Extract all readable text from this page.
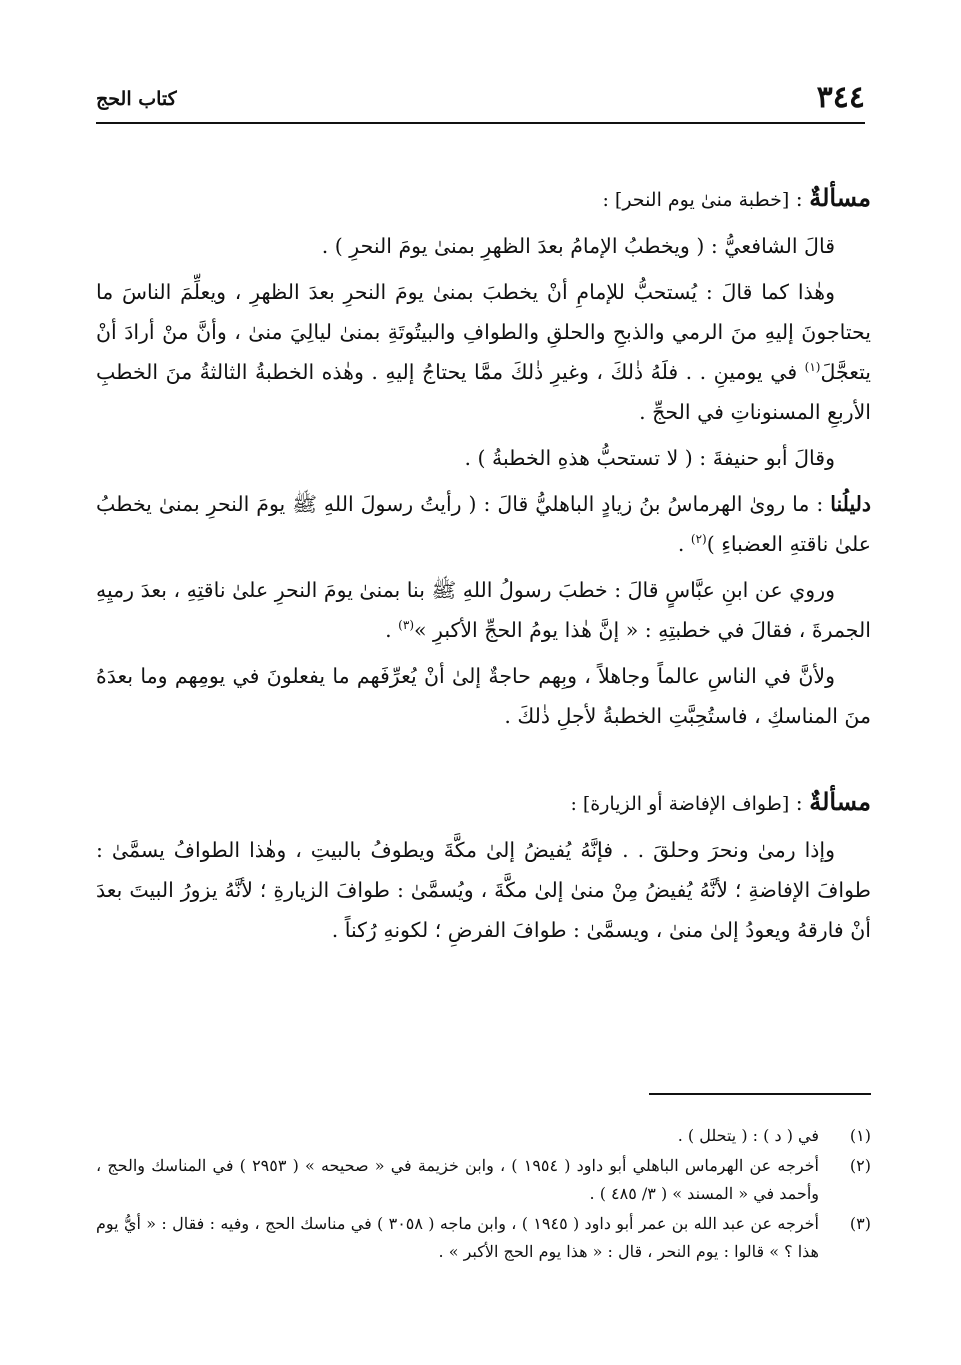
٣٤٤
كتاب الحج

مسألةٌ : [خطبة منىٰ يوم النحر] :

قالَ الشافعيُّ : ( ويخطبُ الإمامُ بعدَ الظهرِ بمنىٰ يومَ النحرِ ) .

وهٰذا كما قالَ : يُستحبُّ للإمامِ أنْ يخطبَ بمنىٰ يومَ النحرِ بعدَ الظهرِ ، ويعلِّمَ الناسَ ما يحتاجونَ إليهِ منَ الرمي والذبحِ والحلقِ والطوافِ والبيتُوتَةِ بمنىٰ ليالِيَ منىٰ ، وأنَّ منْ أرادَ أنْ يتعجَّلَ$^{(١)}$ في يومينِ . . فلَهُ ذٰلكَ ، وغيرِ ذٰلكَ ممَّا يحتاجُ إليهِ . وهٰذه الخطبةُ الثالثةُ منَ الخطبِ الأربعِ المسنوناتِ في الحجِّ .

وقالَ أبو حنيفةَ : ( لا تستحبُّ هذهِ الخطبةُ ) .

دليلُنا : ما روىٰ الهرماسُ بنُ زيادٍ الباهليُّ قالَ : ( رأيتُ رسولَ اللهِ ﷺ يومَ النحرِ بمنىٰ يخطبُ علىٰ ناقتهِ العضباءِ )$^{(٢)}$ .

وروي عن ابنِ عبَّاسٍ قالَ : خطبَ رسولُ اللهِ ﷺ بنا بمنىٰ يومَ النحرِ علىٰ ناقتِهِ ، بعدَ رميِهِ الجمرةَ ، فقالَ في خطبتِهِ : « إنَّ هٰذا يومُ الحجِّ الأكبرِ »$^{(٣)}$ .

ولأنَّ في الناسِ عالماً وجاهلاً ، وبِهم حاجةٌ إلىٰ أنْ يُعرِّفَهم ما يفعلونَ في يومِهم وما بعدَهُ منَ المناسكِ ، فاستُحِبَّتِ الخطبةُ لأجلِ ذٰلكَ .

مسألةٌ : [طواف الإفاضة أو الزيارة] :

وإذا رمىٰ ونحرَ وحلقَ . . فإنَّهُ يُفيضُ إلىٰ مكَّةَ ويطوفُ بالبيتِ ، وهٰذا الطوافُ يسمَّىٰ : طوافَ الإفاضةِ ؛ لأنَّهُ يُفيضُ مِنْ منىٰ إلىٰ مكَّةَ ، ويُسمَّىٰ : طوافَ الزيارةِ ؛ لأنَّهُ يزورُ البيتَ بعدَ أنْ فارقهُ ويعودُ إلىٰ منىٰ ، ويسمَّىٰ : طوافَ الفرضِ ؛ لكونهِ رُكناً .

(١)
في ( د ) : ( يتحلل ) .
(٢)
أخرجه عن الهرماس الباهلي أبو داود ( ١٩٥٤ ) ، وابن خزيمة في « صحيحه » ( ٢٩٥٣ ) في المناسك والحج ، وأحمد في « المسند » ( ٣/ ٤٨٥ ) .
(٣)
أخرجه عن عبد الله بن عمر أبو داود ( ١٩٤٥ ) ، وابن ماجه ( ٣٠٥٨ ) في مناسك الحج ، وفيه : فقال : « أيُّ يوم هذا ؟ » قالوا : يوم النحر ، قال : « هذا يوم الحج الأكبر » .
